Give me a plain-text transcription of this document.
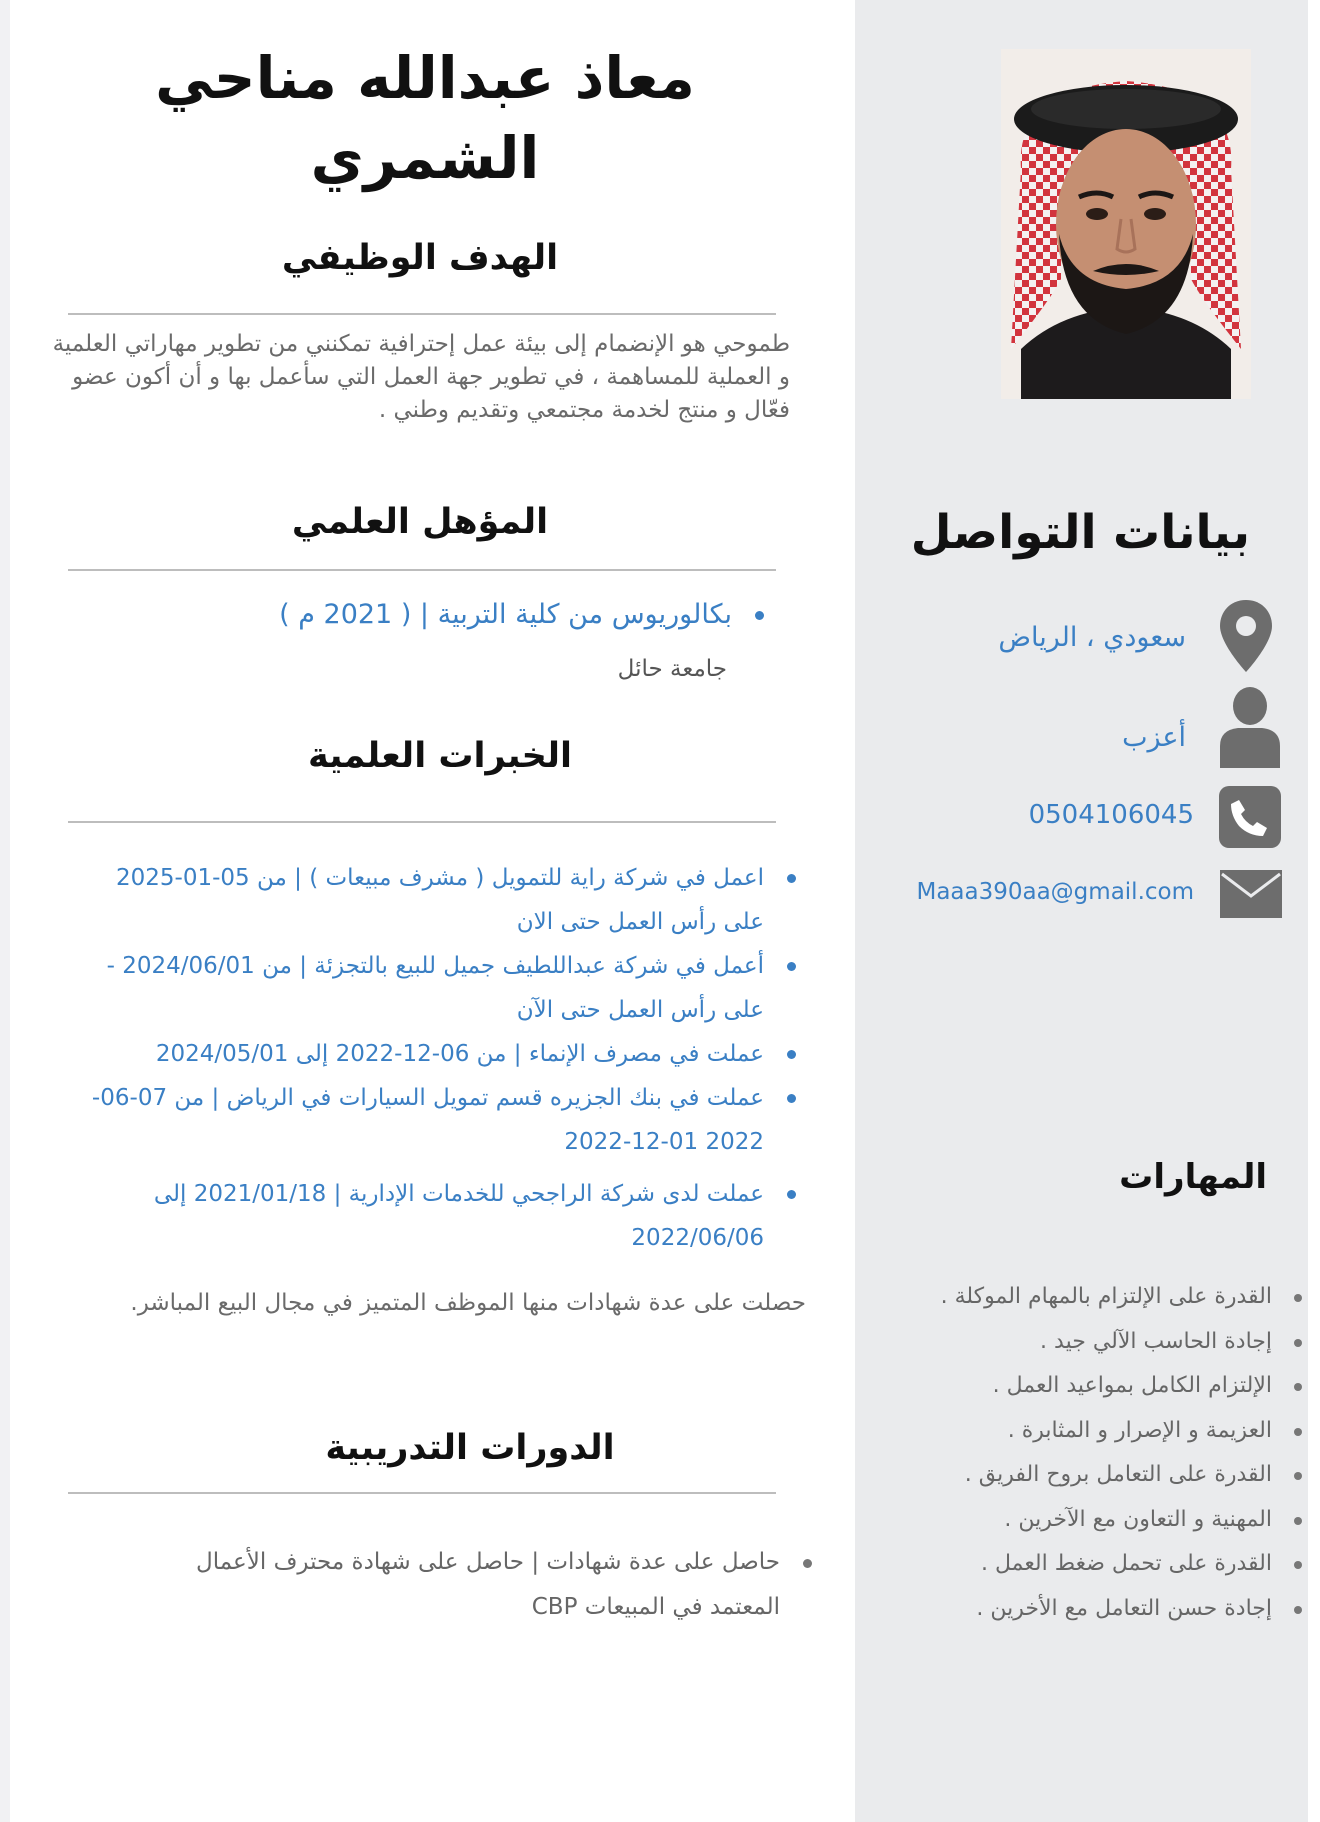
معاذ عبدالله مناحي الشمري
الهدف الوظيفي

طموحي هو الإنضمام إلى بيئة عمل إحترافية تمكنني من تطوير مهاراتي العلمية و العملية للمساهمة ، في تطوير جهة العمل التي سأعمل بها و أن أكون عضو فعّال و منتج لخدمة مجتمعي وتقديم وطني .

المؤهل العلمي
بكالوريوس من كلية التربية | ( 2021 م )
جامعة حائل
الخبرات العلمية
اعمل في شركة راية للتمويل ( مشرف مبيعات ) | من 05-01-2025 على رأس العمل حتى الان
أعمل في شركة عبداللطيف جميل للبيع بالتجزئة | من 2024/06/01 - على رأس العمل حتى الآن
عملت في مصرف الإنماء | من 06-12-2022 إلى 2024/05/01
عملت في بنك الجزيره قسم تمويل السيارات في الرياض | من 07-06-2022 01-12-2022
عملت لدى شركة الراجحي للخدمات الإدارية | 2021/01/18 إلى 2022/06/06
حصلت على عدة شهادات منها الموظف المتميز في مجال البيع المباشر.
الدورات التدريبية
حاصل على عدة شهادات | حاصل على شهادة محترف الأعمال المعتمد في المبيعات CBP
بيانات التواصل
سعودي ، الرياض
أعزب
0504106045
Maaa390aa@gmail.com
المهارات
القدرة على الإلتزام بالمهام الموكلة .
إجادة الحاسب الآلي جيد .
الإلتزام الكامل بمواعيد العمل .
العزيمة و الإصرار و المثابرة .
القدرة على التعامل بروح الفريق .
المهنية و التعاون مع الآخرين .
القدرة على تحمل ضغط العمل .
إجادة حسن التعامل مع الأخرين .
